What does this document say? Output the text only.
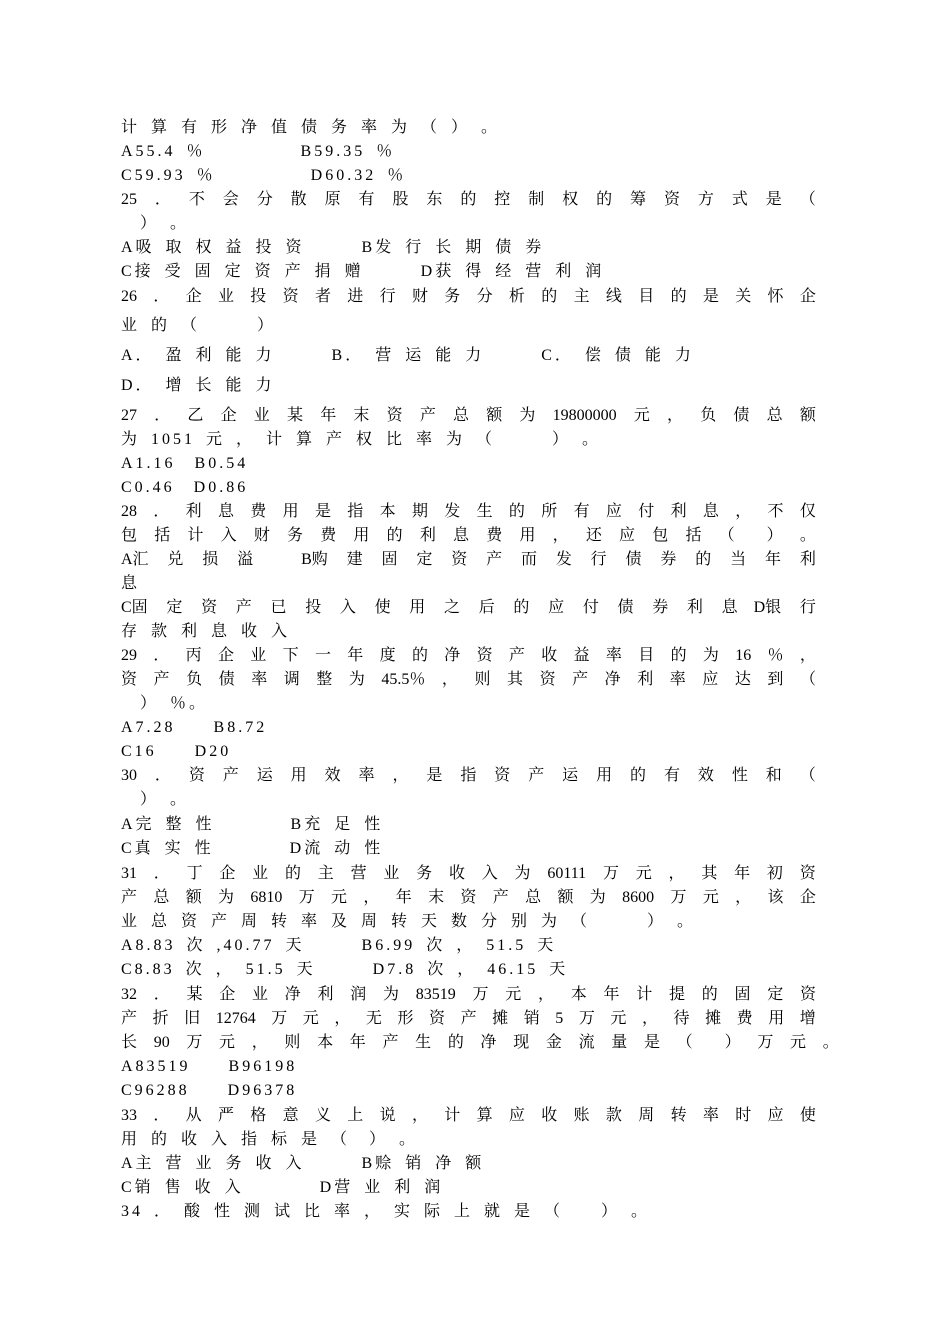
计 算 有 形 净 值 债 务 率 为 （ ） 。
A55.4 ％　　　　　B59.35 ％
C59.93 ％　　　　　D60.32 ％
25 ． 不 会 分 散 原 有 股 东 的 控 制 权 的 筹 资 方 式 是 （
　） 。
A吸 取 权 益 投 资　　　B发 行 长 期 债 券
C接 受 固 定 资 产 捐 赠　　　D获 得 经 营 利 润
26 ． 企 业 投 资 者 进 行 财 务 分 析 的 主 线 目 的 是 关 怀 企
业 的 （　　　）
A． 盈 利 能 力　　　B． 营 运 能 力　　　C． 偿 债 能 力
D． 增 长 能 力
27 ． 乙 企 业 某 年 末 资 产 总 额 为 19800000 元 ， 负 债 总 额
为 1051 元 ， 计 算 产 权 比 率 为 （　　　） 。
A1.16　B0.54
C0.46　D0.86
28 ． 利 息 费 用 是 指 本 期 发 生 的 所 有 应 付 利 息 ， 不 仅
包 括 计 入 财 务 费 用 的 利 息 费 用 ， 还 应 包 括 （　　） 。
A汇 兑 损 溢　　　B购 建 固 定 资 产 而 发 行 债 券 的 当 年 利
息
C固 定 资 产 已 投 入 使 用 之 后 的 应 付 债 券 利 息　D银 行
存 款 利 息 收 入
29 ． 丙 企 业 下 一 年 度 的 净 资 产 收 益 率 目 的 为 16 ％ ，
资 产 负 债 率 调 整 为 45.5％ ， 则 其 资 产 净 利 率 应 达 到 （
　）　％。
A7.28　　B8.72
C16　　D20
30 ． 资 产 运 用 效 率 ， 是 指 资 产 运 用 的 有 效 性 和 （
　） 。
A完 整 性　　　　B充 足 性
C真 实 性　　　　D流 动 性
31 ． 丁 企 业 的 主 营 业 务 收 入 为 60111 万 元 ， 其 年 初 资
产 总 额 为 6810 万 元 ， 年 末 资 产 总 额 为 8600 万 元 ， 该 企
业 总 资 产 周 转 率 及 周 转 天 数 分 别 为 （　　　） 。
A8.83 次 ,40.77 天　　　B6.99 次 ， 51.5 天
C8.83 次 ， 51.5 天　　　D7.8 次 ， 46.15 天
32 ． 某 企 业 净 利 润 为 83519 万 元 ， 本 年 计 提 的 固 定 资
产 折 旧 12764 万 元 ， 无 形 资 产 摊 销 5 万 元 ， 待 摊 费 用 增
长 90 万 元 ， 则 本 年 产 生 的 净 现 金 流 量 是 （　　） 万 元 。
A83519　　B96198
C96288　　D96378
33 ． 从 严 格 意 义 上 说 ， 计 算 应 收 账 款 周 转 率 时 应 使
用 的 收 入 指 标 是 （　） 。
A主 营 业 务 收 入　　　B赊 销 净 额
C销 售 收 入　　　　D营 业 利 润
34 ． 酸 性 测 试 比 率 ， 实 际 上 就 是 （　　） 。
